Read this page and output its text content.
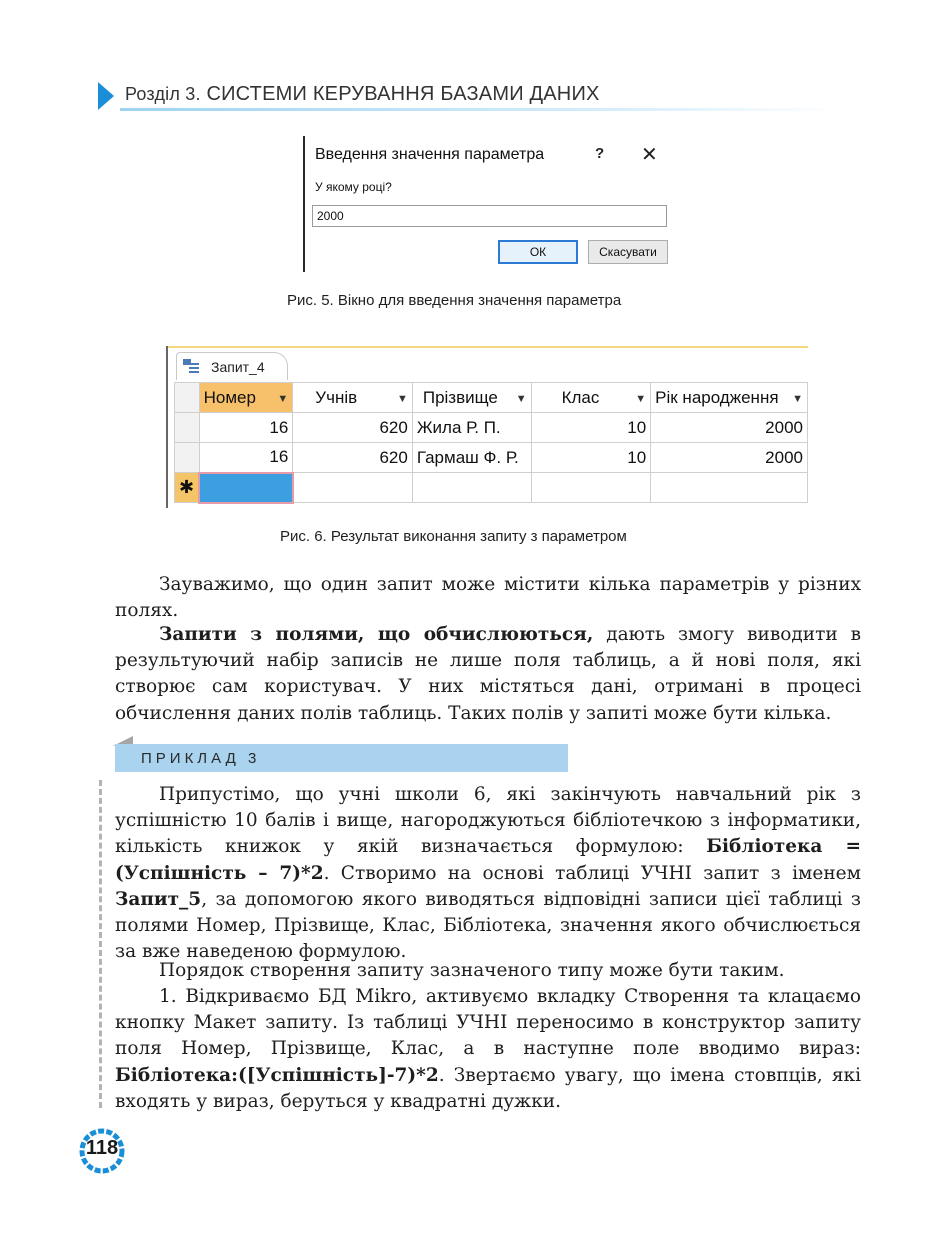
Розділ 3. СИСТЕМИ КЕРУВАННЯ БАЗАМИ ДАНИХ
Введення значення параметра	? ✕
У якому році?
2000
ОК	Скасувати
Рис. 5. Вікно для введення значення параметра
Запит_4
	Номер ▼	Учнів ▼	Прізвище ▼	Клас ▼	Рік народження ▼

	16	620	Жила Р. П.	10	2000
	16	620	Гармаш Ф. Р.	10	2000
✱					
Рис. 6. Результат виконання запиту з параметром
Зауважимо, що один запит може містити кілька параметрів у різних полях.
Запити з полями, що обчислюються, дають змогу виводити в результуючий набір записів не лише поля таблиць, а й нові поля, які створює сам користувач. У них містяться дані, отримані в процесі обчислення даних полів таблиць. Таких полів у запиті може бути кілька.
ПРИКЛАД 3
Припустімо, що учні школи 6, які закінчують навчальний рік з успішністю 10 балів і вище, нагороджуються бібліотечкою з інформатики, кількість книжок у якій визначається формулою: Бібліотека = (Успішність – 7)*2. Створимо на основі таблиці УЧНІ запит з іменем Запит_5, за допомогою якого виводяться відповідні записи цієї таблиці з полями Номер, Прізвище, Клас, Бібліотека, значення якого обчислюється за вже наведеною формулою.
Порядок створення запиту зазначеного типу може бути таким.
1. Відкриваємо БД Mikro, активуємо вкладку Створення та клацаємо кнопку Макет запиту. Із таблиці УЧНІ переносимо в конструктор запиту поля Номер, Прізвище, Клас, а в наступне поле вводимо вираз: Бібліотека:([Успішність]-7)*2. Звертаємо увагу, що імена стовпців, які входять у вираз, беруться у квадратні дужки.
118
